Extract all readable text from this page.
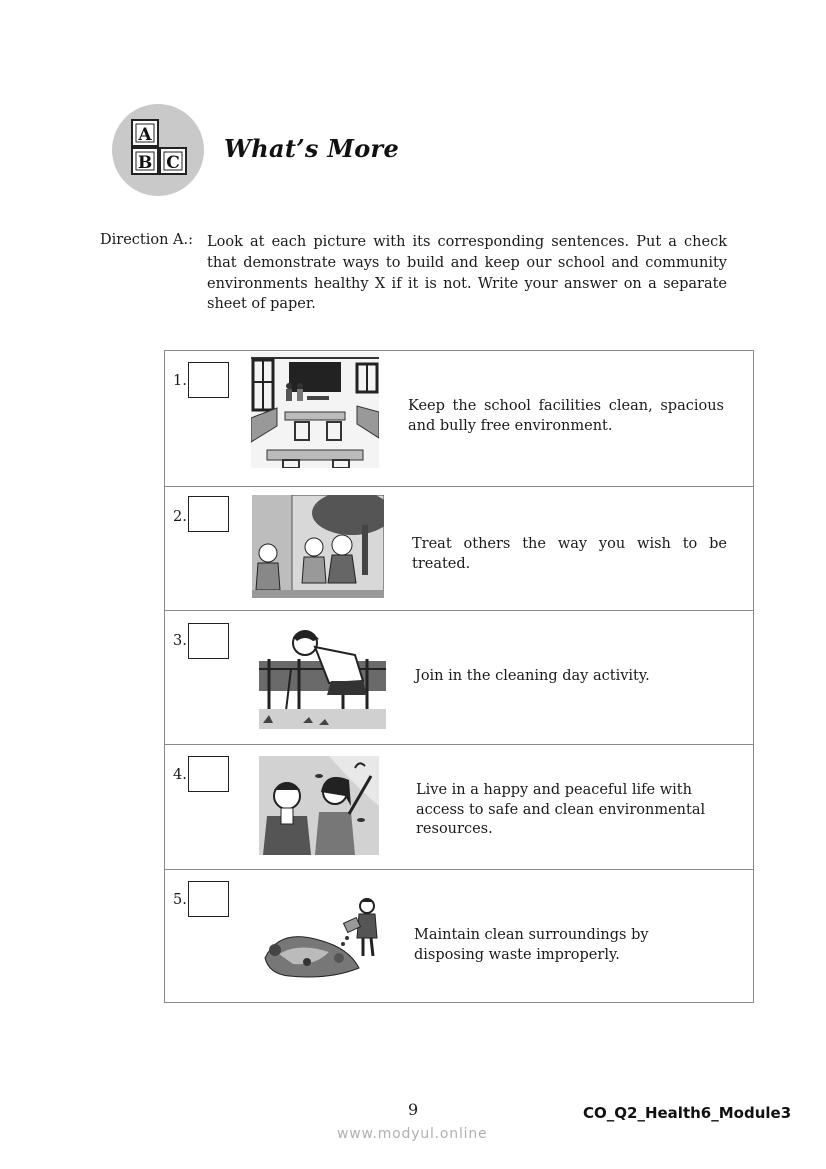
A
B C What’s More
Direction A.: Look at each picture with its corresponding sentences. Put a check that demonstrate ways to build and keep our school and community environments healthy X if it is not. Write your answer on a separate sheet of paper.
1.
Keep the school facilities clean, spacious and bully free environment.
2.
Treat others the way you wish to be treated.
3.
Join in the cleaning day activity.
4.
Live in a happy and peaceful life with access to safe and clean environmental resources.
5.
Maintain clean surroundings by disposing waste improperly.
9	CO_Q2_Health6_Module3
www.modyul.online
